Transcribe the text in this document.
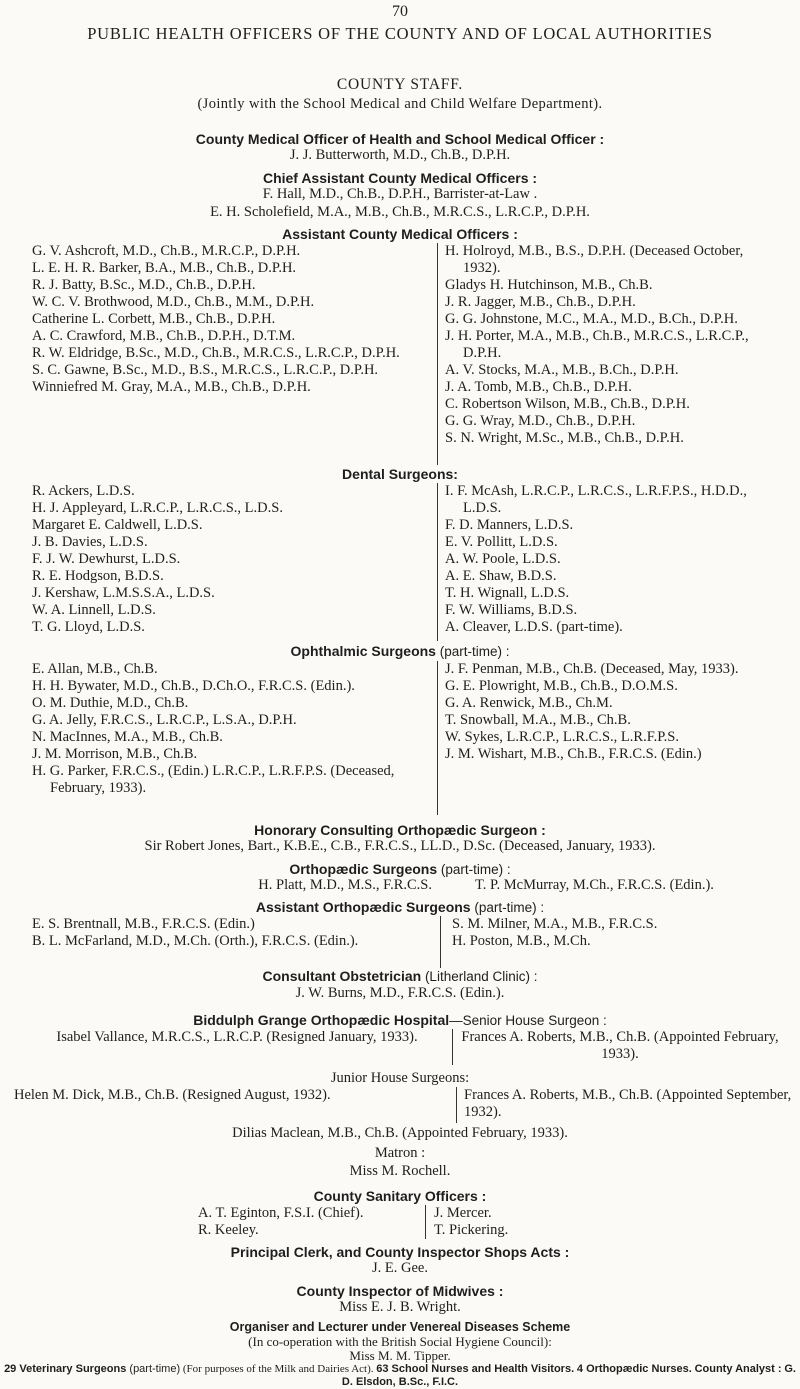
70
PUBLIC HEALTH OFFICERS OF THE COUNTY AND OF LOCAL AUTHORITIES
COUNTY STAFF.
(Jointly with the School Medical and Child Welfare Department).
County Medical Officer of Health and School Medical Officer :
J. J. Butterworth, M.D., Ch.B., D.P.H.
Chief Assistant County Medical Officers :
F. Hall, M.D., Ch.B., D.P.H., Barrister-at-Law .
E. H. Scholefield, M.A., M.B., Ch.B., M.R.C.S., L.R.C.P., D.P.H.
Assistant County Medical Officers :
G. V. Ashcroft, M.D., Ch.B., M.R.C.P., D.P.H.
L. E. H. R. Barker, B.A., M.B., Ch.B., D.P.H.
R. J. Batty, B.Sc., M.D., Ch.B., D.P.H.
W. C. V. Brothwood, M.D., Ch.B., M.M., D.P.H.
Catherine L. Corbett, M.B., Ch.B., D.P.H.
A. C. Crawford, M.B., Ch.B., D.P.H., D.T.M.
R. W. Eldridge, B.Sc., M.D., Ch.B., M.R.C.S., L.R.C.P., D.P.H.
S. C. Gawne, B.Sc., M.D., B.S., M.R.C.S., L.R.C.P., D.P.H.
Winniefred M. Gray, M.A., M.B., Ch.B., D.P.H.
H. Holroyd, M.B., B.S., D.P.H. (Deceased October, 1932).
Gladys H. Hutchinson, M.B., Ch.B.
J. R. Jagger, M.B., Ch.B., D.P.H.
G. G. Johnstone, M.C., M.A., M.D., B.Ch., D.P.H.
J. H. Porter, M.A., M.B., Ch.B., M.R.C.S., L.R.C.P., D.P.H.
A. V. Stocks, M.A., M.B., B.Ch., D.P.H.
J. A. Tomb, M.B., Ch.B., D.P.H.
C. Robertson Wilson, M.B., Ch.B., D.P.H.
G. G. Wray, M.D., Ch.B., D.P.H.
S. N. Wright, M.Sc., M.B., Ch.B., D.P.H.
Dental Surgeons:
R. Ackers, L.D.S.
H. J. Appleyard, L.R.C.P., L.R.C.S., L.D.S.
Margaret E. Caldwell, L.D.S.
J. B. Davies, L.D.S.
F. J. W. Dewhurst, L.D.S.
R. E. Hodgson, B.D.S.
J. Kershaw, L.M.S.S.A., L.D.S.
W. A. Linnell, L.D.S.
T. G. Lloyd, L.D.S.
I. F. McAsh, L.R.C.P., L.R.C.S., L.R.F.P.S., H.D.D., L.D.S.
F. D. Manners, L.D.S.
E. V. Pollitt, L.D.S.
A. W. Poole, L.D.S.
A. E. Shaw, B.D.S.
T. H. Wignall, L.D.S.
F. W. Williams, B.D.S.
A. Cleaver, L.D.S. (part-time).
Ophthalmic Surgeons (part-time) :
E. Allan, M.B., Ch.B.
H. H. Bywater, M.D., Ch.B., D.Ch.O., F.R.C.S. (Edin.).
O. M. Duthie, M.D., Ch.B.
G. A. Jelly, F.R.C.S., L.R.C.P., L.S.A., D.P.H.
N. MacInnes, M.A., M.B., Ch.B.
J. M. Morrison, M.B., Ch.B.
H. G. Parker, F.R.C.S., (Edin.) L.R.C.P., L.R.F.P.S. (Deceased, February, 1933).
J. F. Penman, M.B., Ch.B. (Deceased, May, 1933).
G. E. Plowright, M.B., Ch.B., D.O.M.S.
G. A. Renwick, M.B., Ch.M.
T. Snowball, M.A., M.B., Ch.B.
W. Sykes, L.R.C.P., L.R.C.S., L.R.F.P.S.
J. M. Wishart, M.B., Ch.B., F.R.C.S. (Edin.)
Honorary Consulting Orthopædic Surgeon :
Sir Robert Jones, Bart., K.B.E., C.B., F.R.C.S., LL.D., D.Sc. (Deceased, January, 1933).
Orthopædic Surgeons (part-time) :
H. Platt, M.D., M.S., F.R.C.S.	T. P. McMurray, M.Ch., F.R.C.S. (Edin.).
Assistant Orthopædic Surgeons (part-time) :
E. S. Brentnall, M.B., F.R.C.S. (Edin.)
B. L. McFarland, M.D., M.Ch. (Orth.), F.R.C.S. (Edin.).
S. M. Milner, M.A., M.B., F.R.C.S.
H. Poston, M.B., M.Ch.
Consultant Obstetrician (Litherland Clinic) :
J. W. Burns, M.D., F.R.C.S. (Edin.).
Biddulph Grange Orthopædic Hospital—Senior House Surgeon :
Isabel Vallance, M.R.C.S., L.R.C.P. (Resigned January, 1933).	Frances A. Roberts, M.B., Ch.B. (Appointed February, 1933).
Junior House Surgeons:
Helen M. Dick, M.B., Ch.B. (Resigned August, 1932).	Frances A. Roberts, M.B., Ch.B. (Appointed September, 1932).
Dilias Maclean, M.B., Ch.B. (Appointed February, 1933).
Matron :
Miss M. Rochell.
County Sanitary Officers :
A. T. Eginton, F.S.I. (Chief).
R. Keeley.
J. Mercer.
T. Pickering.
Principal Clerk, and County Inspector Shops Acts :
J. E. Gee.
County Inspector of Midwives :
Miss E. J. B. Wright.
Organiser and Lecturer under Venereal Diseases Scheme
(In co-operation with the British Social Hygiene Council):
Miss M. M. Tipper.
29 Veterinary Surgeons (part-time) (For purposes of the Milk and Dairies Act). 63 School Nurses and Health Visitors. 4 Orthopædic Nurses. County Analyst : G. D. Elsdon, B.Sc., F.I.C.
